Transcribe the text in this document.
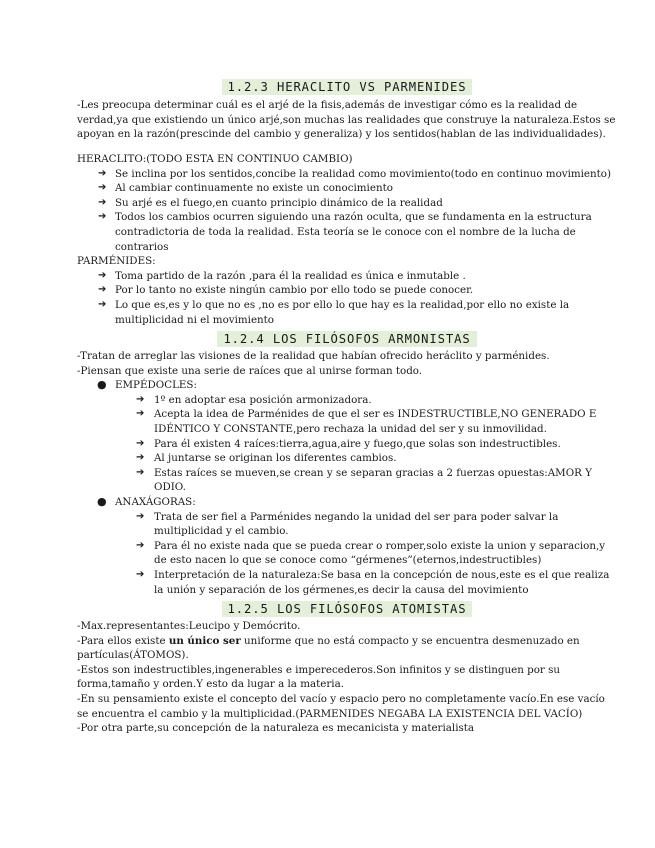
1.2.3 HERACLITO VS PARMENIDES

-Les preocupa determinar cuál es el arjé de la fisis,además de investigar cómo es la realidad de verdad,ya que existiendo un único arjé,son muchas las realidades que construye la naturaleza.Estos se apoyan en la razón(prescinde del cambio y generaliza) y los sentidos(hablan de las individualidades).

HERACLITO:(TODO ESTA EN CONTINUO CAMBIO)

➔ Se inclina por los sentidos,concibe la realidad como movimiento(todo en continuo movimiento)
➔ Al cambiar continuamente no existe un conocimiento
➔ Su arjé es el fuego,en cuanto principio dinámico de la realidad
➔ Todos los cambios ocurren siguiendo una razón oculta, que se fundamenta en la estructura contradictoria de toda la realidad. Esta teoría se le conoce con el nombre de la lucha de contrarios

PARMÉNIDES:

➔ Toma partido de la razón ,para él la realidad es única e inmutable .
➔ Por lo tanto no existe ningún cambio por ello todo se puede conocer.
➔ Lo que es,es y lo que no es ,no es por ello lo que hay es la realidad,por ello no existe la multiplicidad ni el movimiento

1.2.4 LOS FILÓSOFOS ARMONISTAS

-Tratan de arreglar las visiones de la realidad que habían ofrecido heráclito y parménides.

-Piensan que existe una serie de raíces que al unirse forman todo.

● EMPÉDOCLES:
➔ 1º en adoptar esa posición armonizadora.
➔ Acepta la idea de Parménides de que el ser es INDESTRUCTIBLE,NO GENERADO E IDÉNTICO Y CONSTANTE,pero rechaza la unidad del ser y su inmovilidad.
➔ Para él existen 4 raíces:tierra,agua,aire y fuego,que solas son indestructibles.
➔ Al juntarse se originan los diferentes cambios.
➔ Estas raíces se mueven,se crean y se separan gracias a 2 fuerzas opuestas:AMOR Y ODIO.
● ANAXÁGORAS:
➔ Trata de ser fiel a Parménides negando la unidad del ser para poder salvar la multiplicidad y el cambio.
➔ Para él no existe nada que se pueda crear o romper,solo existe la union y separacion,y de esto nacen lo que se conoce como “gérmenes”(eternos,indestructibles)
➔ Interpretación de la naturaleza:Se basa en la concepción de nous,este es el que realiza la unión y separación de los gérmenes,es decir la causa del movimiento

1.2.5 LOS FILÓSOFOS ATOMISTAS

-Max.representantes:Leucipo y Demócrito.

-Para ellos existe un único ser uniforme que no está compacto y se encuentra desmenuzado en partículas(ÁTOMOS).

-Estos son indestructibles,ingenerables e imperecederos.Son infinitos y se distinguen por su forma,tamaño y orden.Y esto da lugar a la materia.

-En su pensamiento existe el concepto del vacío y espacio pero no completamente vacío.En ese vacío se encuentra el cambio y la multiplicidad.(PARMENIDES NEGABA LA EXISTENCIA DEL VACÍO)

-Por otra parte,su concepción de la naturaleza es mecanicista y materialista
